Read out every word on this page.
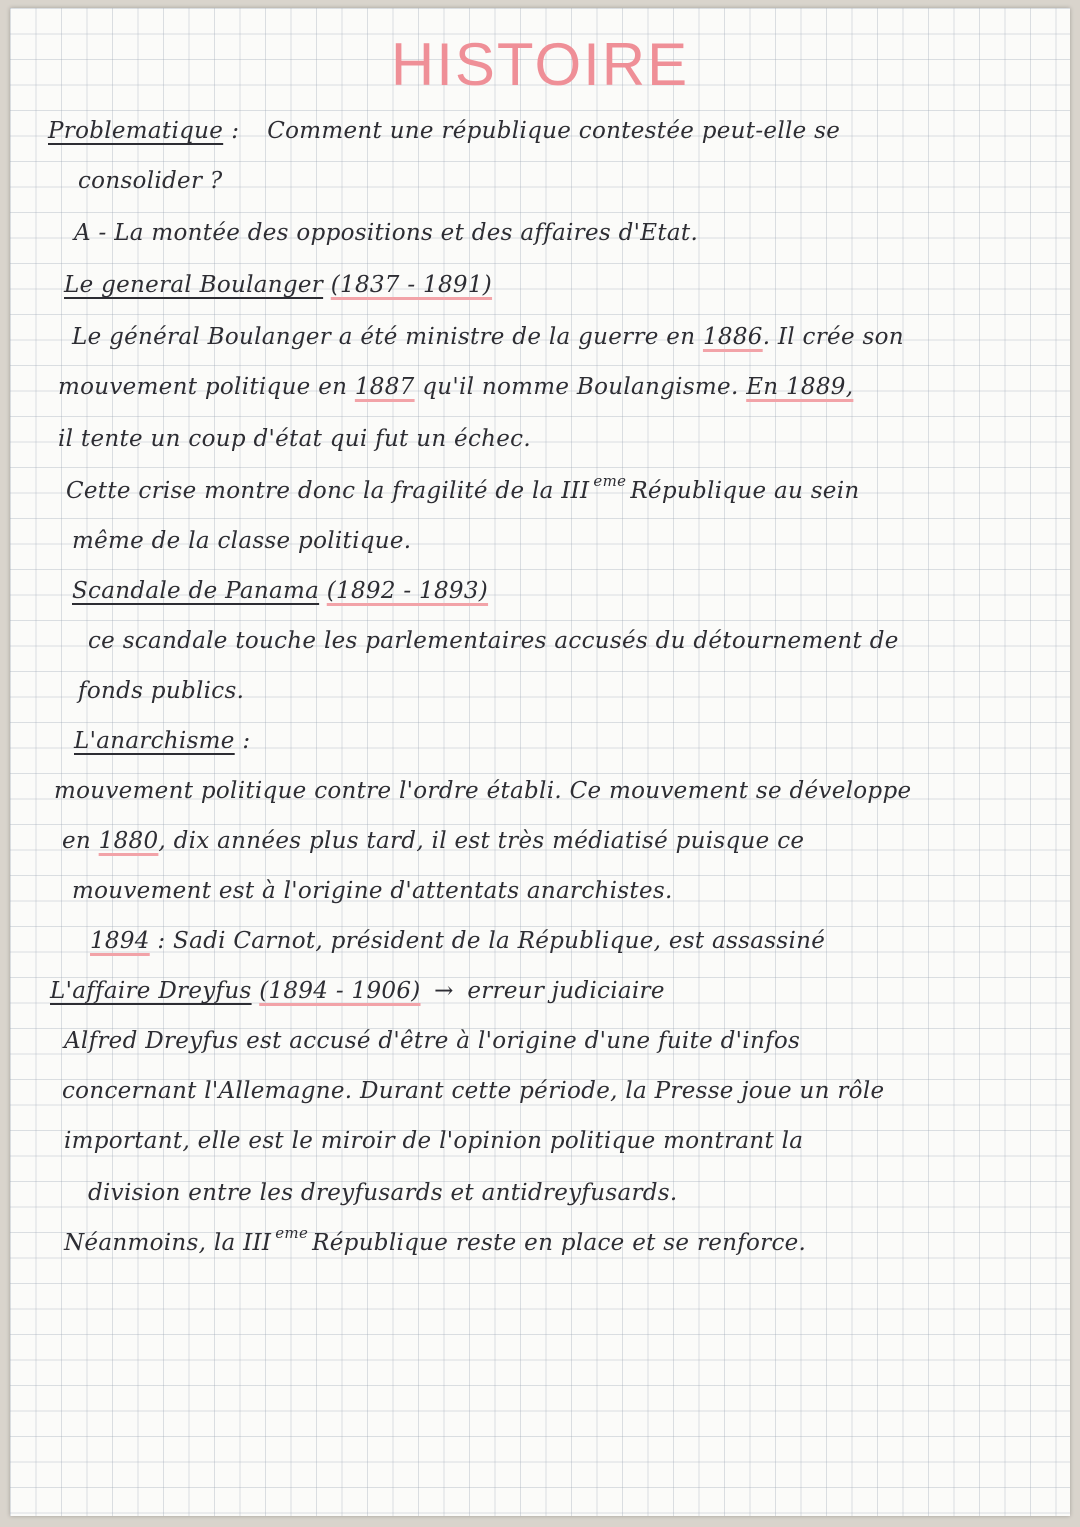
HISTOIRE
Problematique : Comment une république contestée peut-elle se
consolider ?
A - La montée des oppositions et des affaires d'Etat.
Le general Boulanger (1837 - 1891)
Le général Boulanger a été ministre de la guerre en 1886. Il crée son
mouvement politique en 1887 qu'il nomme Boulangisme. En 1889,
il tente un coup d'état qui fut un échec.
Cette crise montre donc la fragilité de la III $^{eme}$ République au sein
même de la classe politique.
Scandale de Panama (1892 - 1893)
ce scandale touche les parlementaires accusés du détournement de
fonds publics.
L'anarchisme :
mouvement politique contre l'ordre établi. Ce mouvement se développe
en 1880, dix années plus tard, il est très médiatisé puisque ce
mouvement est à l'origine d'attentats anarchistes.
1894 : Sadi Carnot, président de la République, est assassiné
L'affaire Dreyfus (1894 - 1906) → erreur judiciaire
Alfred Dreyfus est accusé d'être à l'origine d'une fuite d'infos
concernant l'Allemagne. Durant cette période, la Presse joue un rôle
important, elle est le miroir de l'opinion politique montrant la
division entre les dreyfusards et antidreyfusards.
Néanmoins, la III $^{eme}$ République reste en place et se renforce.
